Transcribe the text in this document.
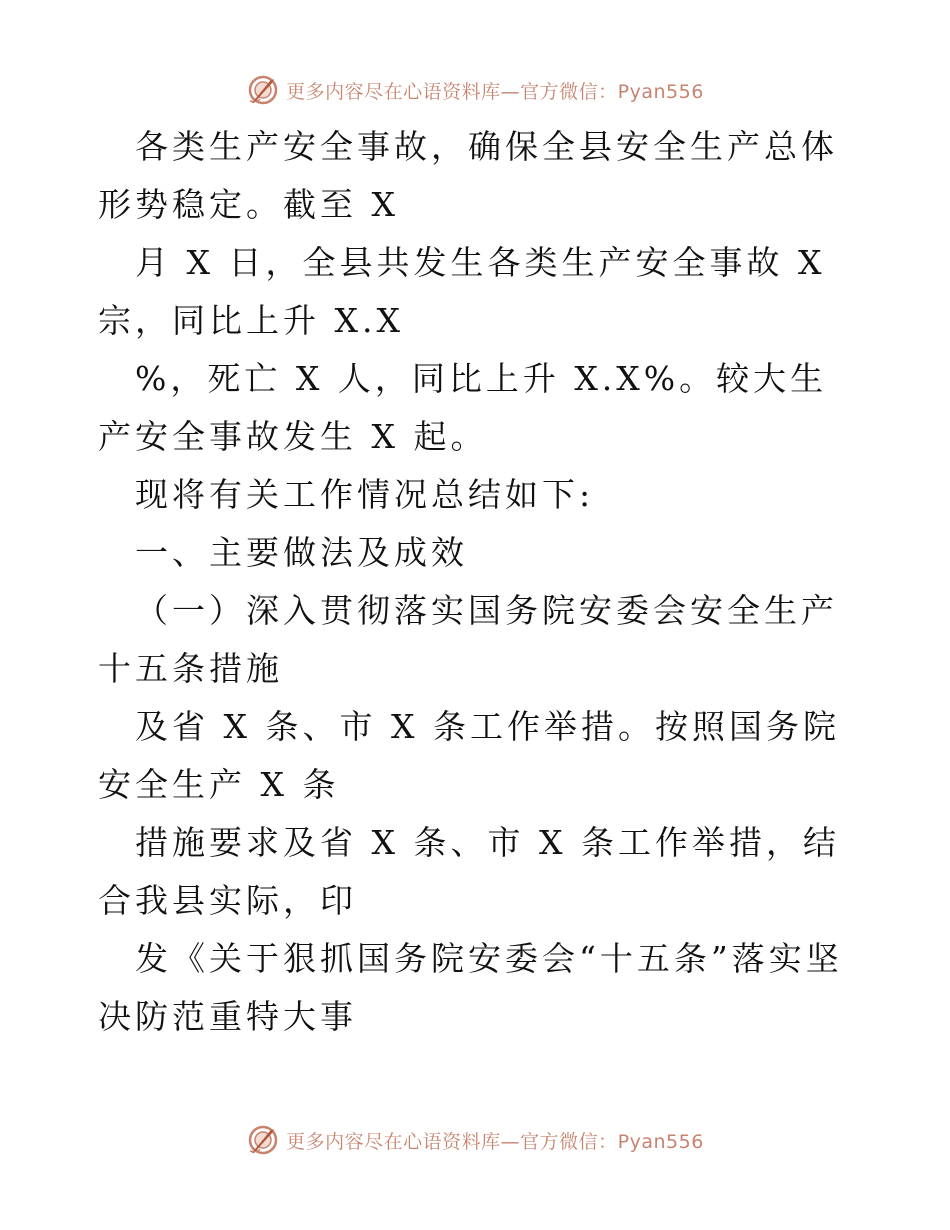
更多内容尽在心语资料库—官方微信：Pyan556

各类生产安全事故，确保全县安全生产总体形势稳定。截至 X

月 X 日，全县共发生各类生产安全事故 X 宗，同比上升 X.X

%，死亡 X 人，同比上升 X.X%。较大生产安全事故发生 X 起。

现将有关工作情况总结如下:

一、主要做法及成效

（一）深入贯彻落实国务院安委会安全生产十五条措施

及省 X 条、市 X 条工作举措。按照国务院安全生产 X 条

措施要求及省 X 条、市 X 条工作举措，结合我县实际，印

发《关于狠抓国务院安委会“十五条”落实坚决防范重特大事

更多内容尽在心语资料库—官方微信：Pyan556
